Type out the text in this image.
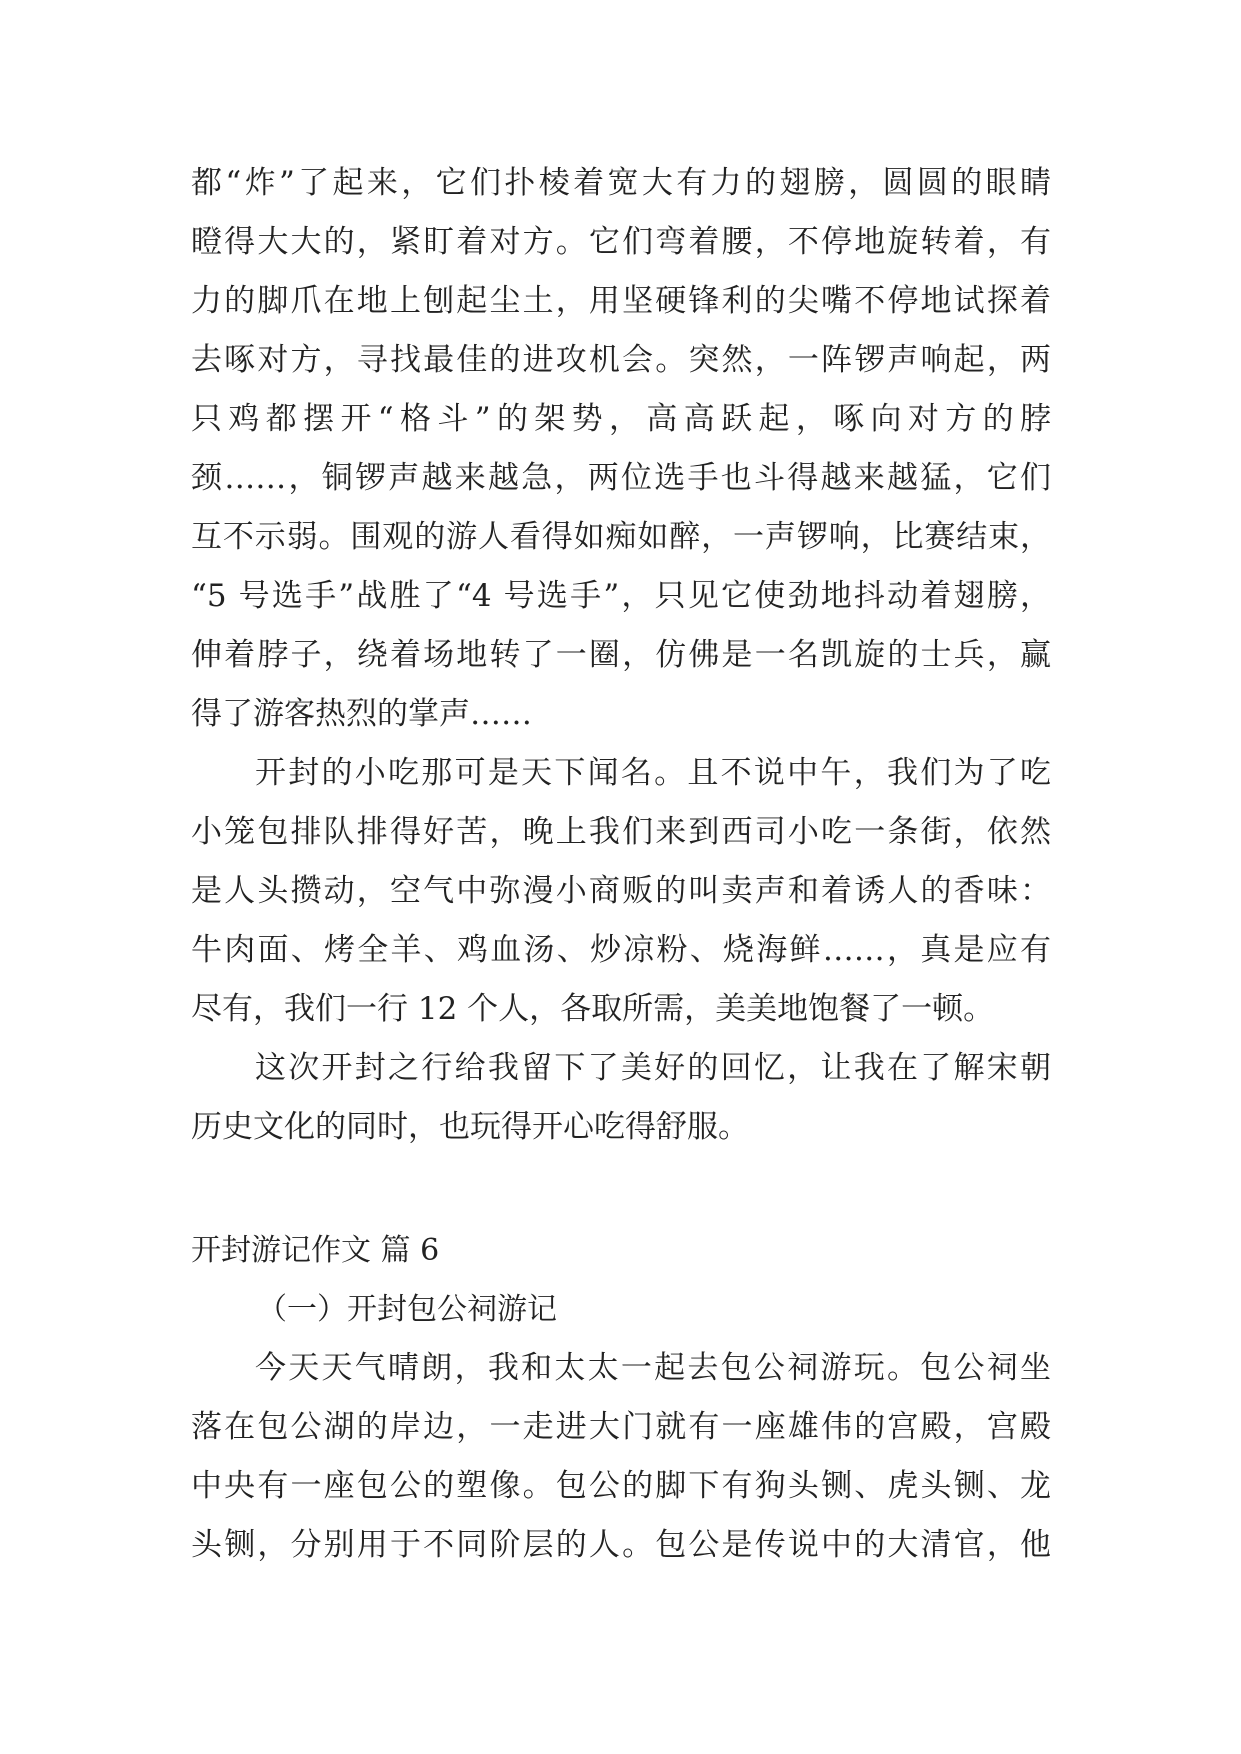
都“炸”了起来，它们扑棱着宽大有力的翅膀，圆圆的眼睛
瞪得大大的，紧盯着对方。它们弯着腰，不停地旋转着，有
力的脚爪在地上刨起尘土，用坚硬锋利的尖嘴不停地试探着
去啄对方，寻找最佳的进攻机会。突然，一阵锣声响起，两
只鸡都摆开“格斗”的架势，高高跃起，啄向对方的脖
颈……，铜锣声越来越急，两位选手也斗得越来越猛，它们
互不示弱。围观的游人看得如痴如醉，一声锣响，比赛结束，
“5 号选手”战胜了“4 号选手”，只见它使劲地抖动着翅膀，
伸着脖子，绕着场地转了一圈，仿佛是一名凯旋的士兵，赢
得了游客热烈的掌声……
开封的小吃那可是天下闻名。且不说中午，我们为了吃
小笼包排队排得好苦，晚上我们来到西司小吃一条街，依然
是人头攒动，空气中弥漫小商贩的叫卖声和着诱人的香味：
牛肉面、烤全羊、鸡血汤、炒凉粉、烧海鲜……，真是应有
尽有，我们一行 12 个人，各取所需，美美地饱餐了一顿。
这次开封之行给我留下了美好的回忆，让我在了解宋朝
历史文化的同时，也玩得开心吃得舒服。
开封游记作文 篇 6
（一）开封包公祠游记
今天天气晴朗，我和太太一起去包公祠游玩。包公祠坐
落在包公湖的岸边，一走进大门就有一座雄伟的宫殿，宫殿
中央有一座包公的塑像。包公的脚下有狗头铡、虎头铡、龙
头铡，分别用于不同阶层的人。包公是传说中的大清官，他
